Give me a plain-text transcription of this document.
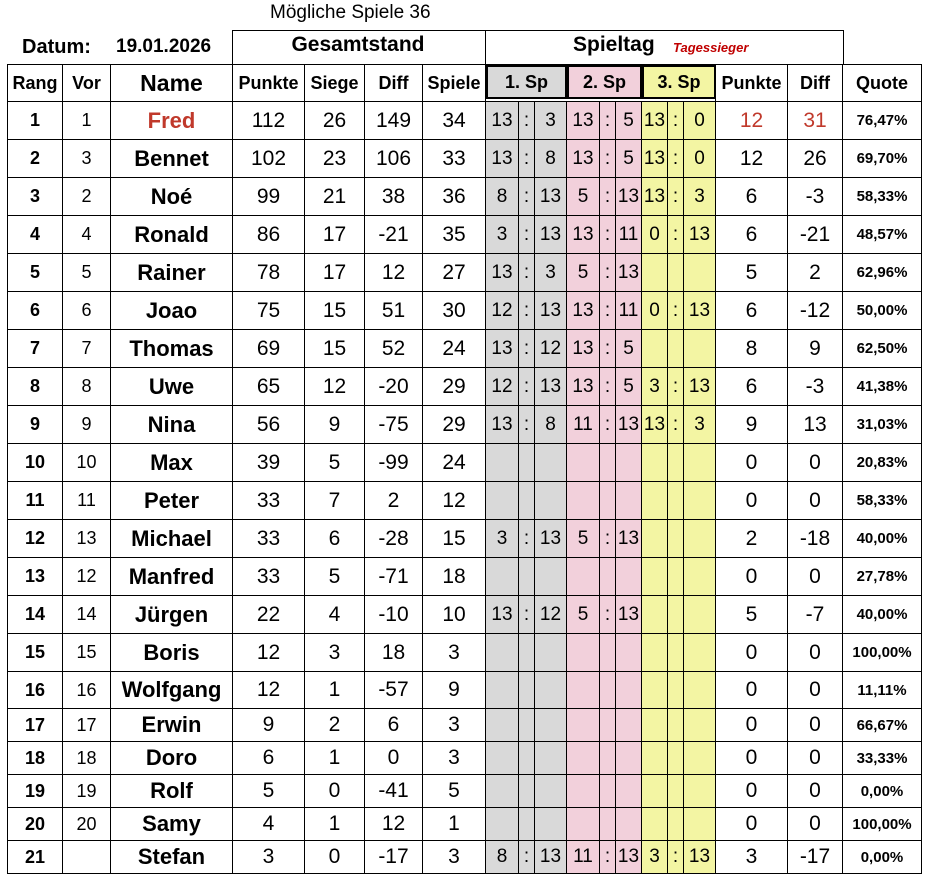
Mögliche Spiele 36
Datum: 19.01.2026	Gesamtstand	Spieltag Tagessieger
Rang	Vor	Name	Punkte	Siege	Diff	Spiele										Punkte	Diff	Quote
1	1	Fred	112	26	149	34	13	:	3	13	:	5	13	:	0	12	31	76,47%
2	3	Bennet	102	23	106	33	13	:	8	13	:	5	13	:	0	12	26	69,70%
3	2	Noé	99	21	38	36	8	:	13	5	:	13	13	:	3	6	-3	58,33%
4	4	Ronald	86	17	-21	35	3	:	13	13	:	11	0	:	13	6	-21	48,57%
5	5	Rainer	78	17	12	27	13	:	3	5	:	13				5	2	62,96%
6	6	Joao	75	15	51	30	12	:	13	13	:	11	0	:	13	6	-12	50,00%
7	7	Thomas	69	15	52	24	13	:	12	13	:	5				8	9	62,50%
8	8	Uwe	65	12	-20	29	12	:	13	13	:	5	3	:	13	6	-3	41,38%
9	9	Nina	56	9	-75	29	13	:	8	11	:	13	13	:	3	9	13	31,03%
10	10	Max	39	5	-99	24										0	0	20,83%
11	11	Peter	33	7	2	12										0	0	58,33%
12	13	Michael	33	6	-28	15	3	:	13	5	:	13				2	-18	40,00%
13	12	Manfred	33	5	-71	18										0	0	27,78%
14	14	Jürgen	22	4	-10	10	13	:	12	5	:	13				5	-7	40,00%
15	15	Boris	12	3	18	3										0	0	100,00%
16	16	Wolfgang	12	1	-57	9										0	0	11,11%
17	17	Erwin	9	2	6	3										0	0	66,67%
18	18	Doro	6	1	0	3										0	0	33,33%
19	19	Rolf	5	0	-41	5										0	0	0,00%
20	20	Samy	4	1	12	1										0	0	100,00%
21		Stefan	3	0	-17	3	8	:	13	11	:	13	3	:	13	3	-17	0,00%
1. Sp	2. Sp	3. Sp
